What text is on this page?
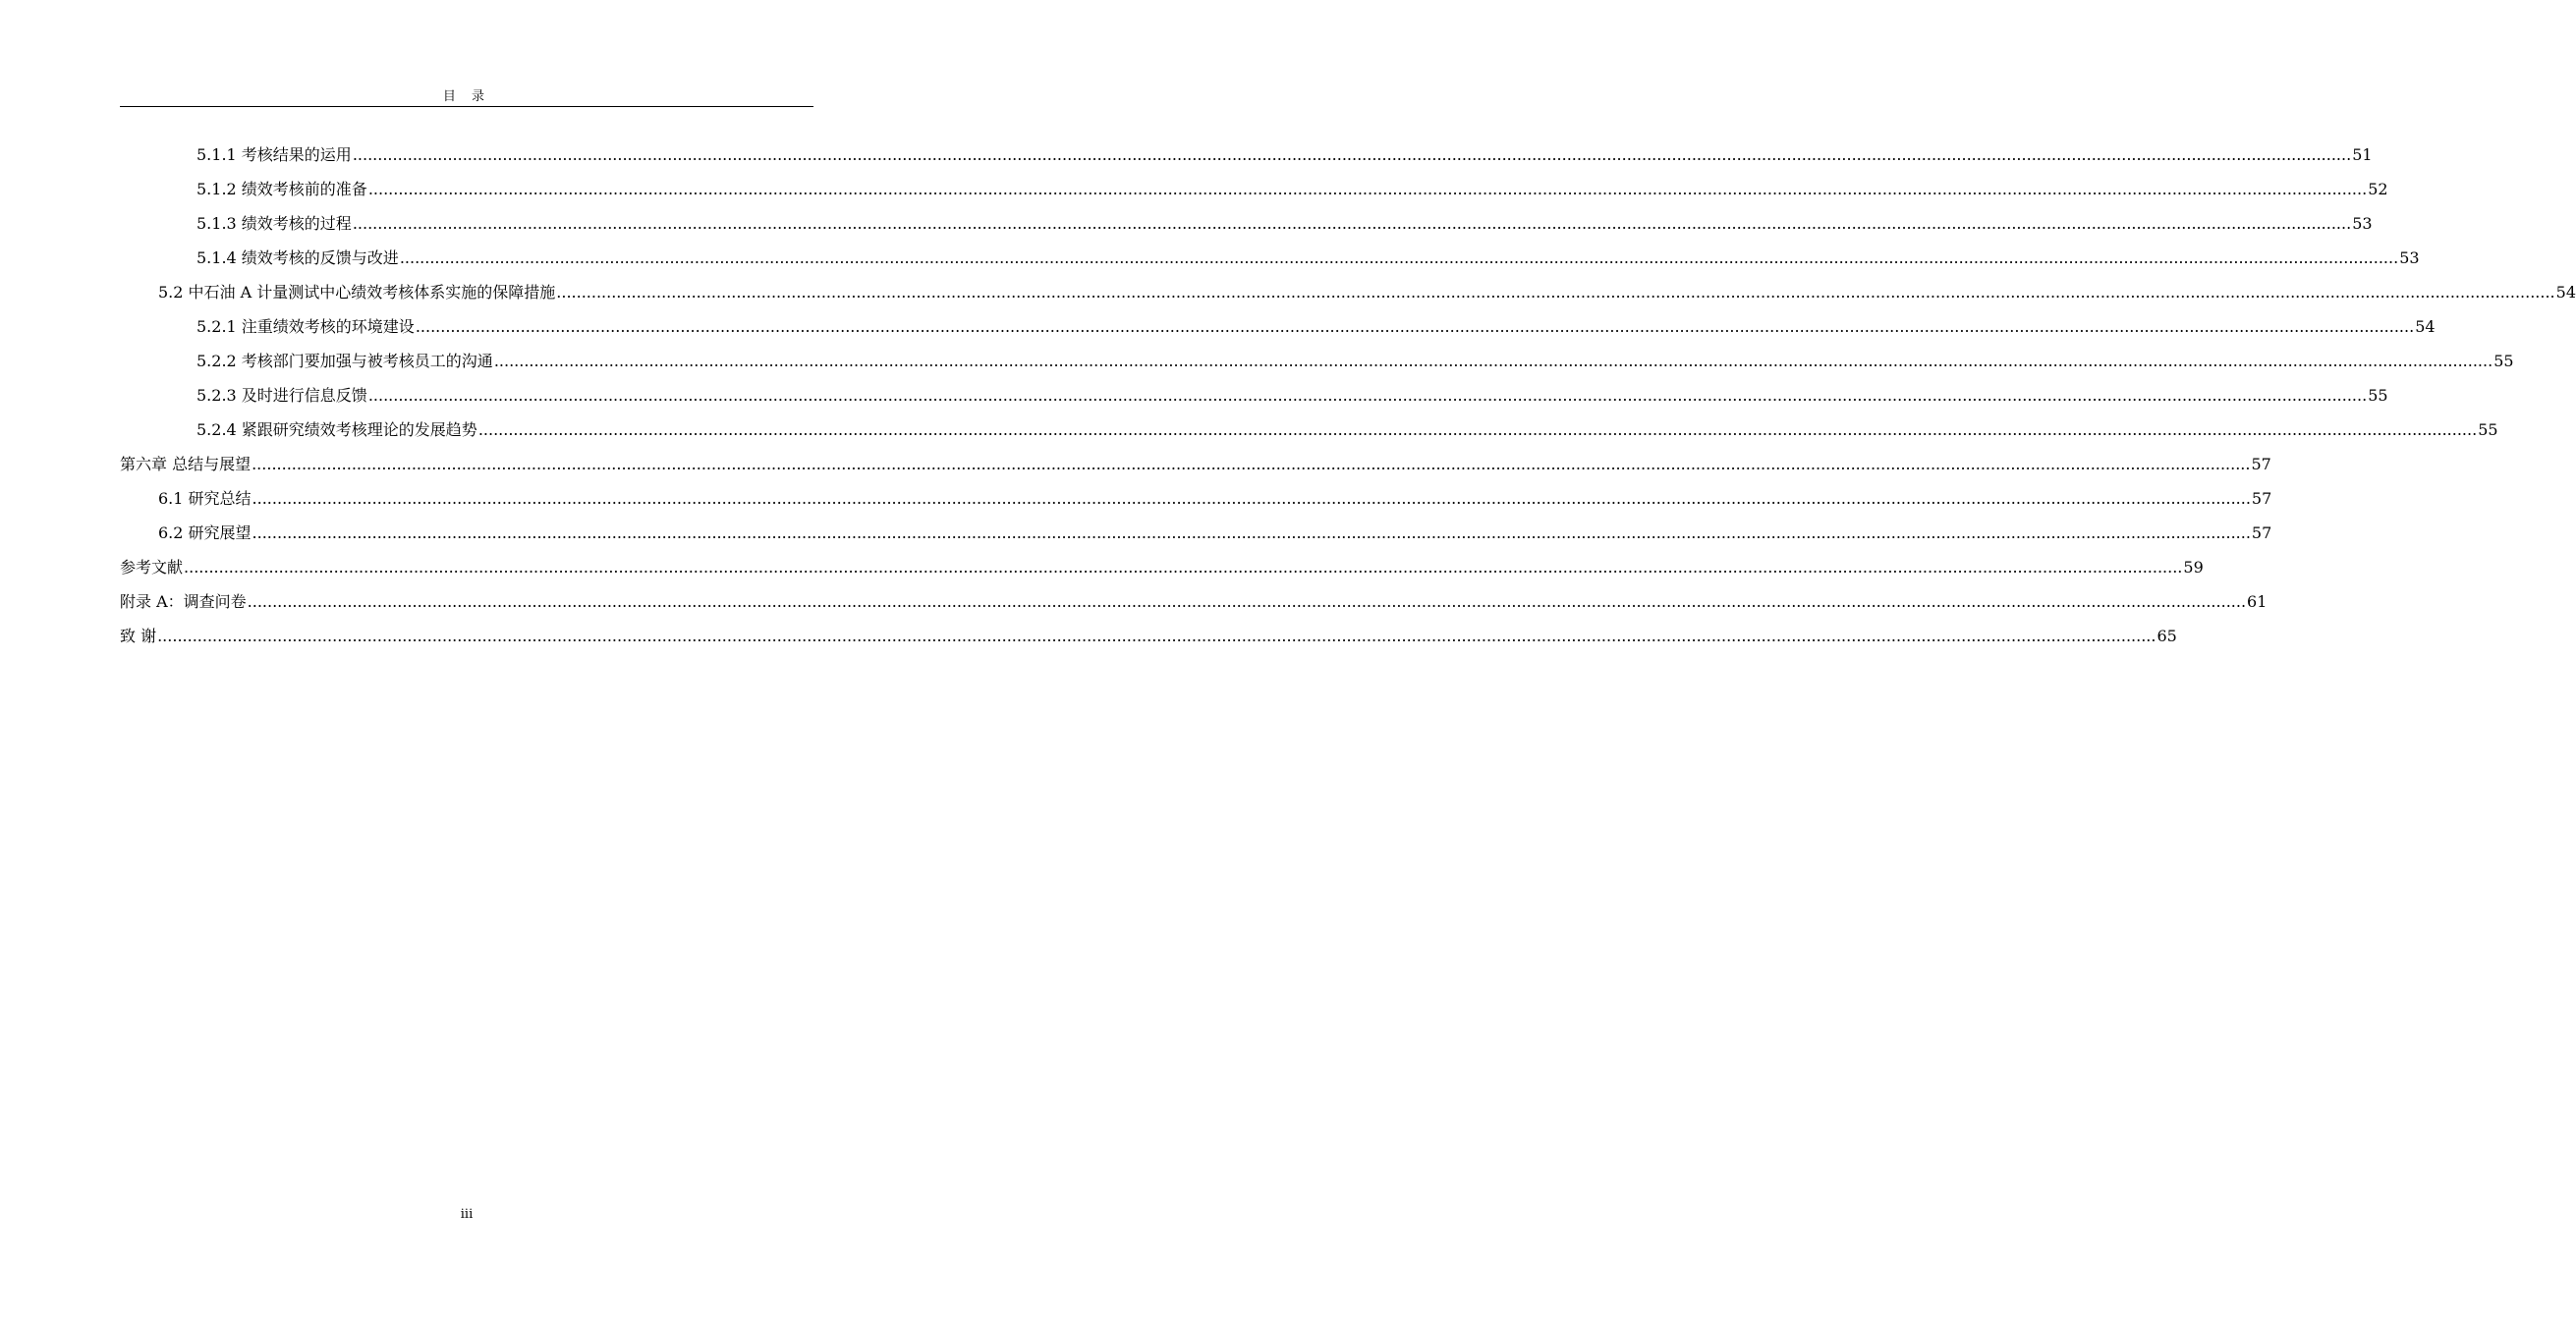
目 录
5.1.1 考核结果的运用 ................................................................................................................................................................................................................................................................................................................................................................................................................ 51
5.1.2 绩效考核前的准备 ................................................................................................................................................................................................................................................................................................................................................................................................................ 52
5.1.3 绩效考核的过程 ................................................................................................................................................................................................................................................................................................................................................................................................................ 53
5.1.4 绩效考核的反馈与改进 ................................................................................................................................................................................................................................................................................................................................................................................................................ 53
5.2 中石油 A 计量测试中心绩效考核体系实施的保障措施 ................................................................................................................................................................................................................................................................................................................................................................................................................ 54
5.2.1 注重绩效考核的环境建设 ................................................................................................................................................................................................................................................................................................................................................................................................................ 54
5.2.2 考核部门要加强与被考核员工的沟通 ................................................................................................................................................................................................................................................................................................................................................................................................................ 55
5.2.3 及时进行信息反馈 ................................................................................................................................................................................................................................................................................................................................................................................................................ 55
5.2.4 紧跟研究绩效考核理论的发展趋势 ................................................................................................................................................................................................................................................................................................................................................................................................................ 55
第六章 总结与展望 ................................................................................................................................................................................................................................................................................................................................................................................................................ 57
6.1 研究总结 ................................................................................................................................................................................................................................................................................................................................................................................................................ 57
6.2 研究展望 ................................................................................................................................................................................................................................................................................................................................................................................................................ 57
参考文献 ................................................................................................................................................................................................................................................................................................................................................................................................................ 59
附录 A：调查问卷 ................................................................................................................................................................................................................................................................................................................................................................................................................ 61
致 谢 ................................................................................................................................................................................................................................................................................................................................................................................................................ 65
iii
